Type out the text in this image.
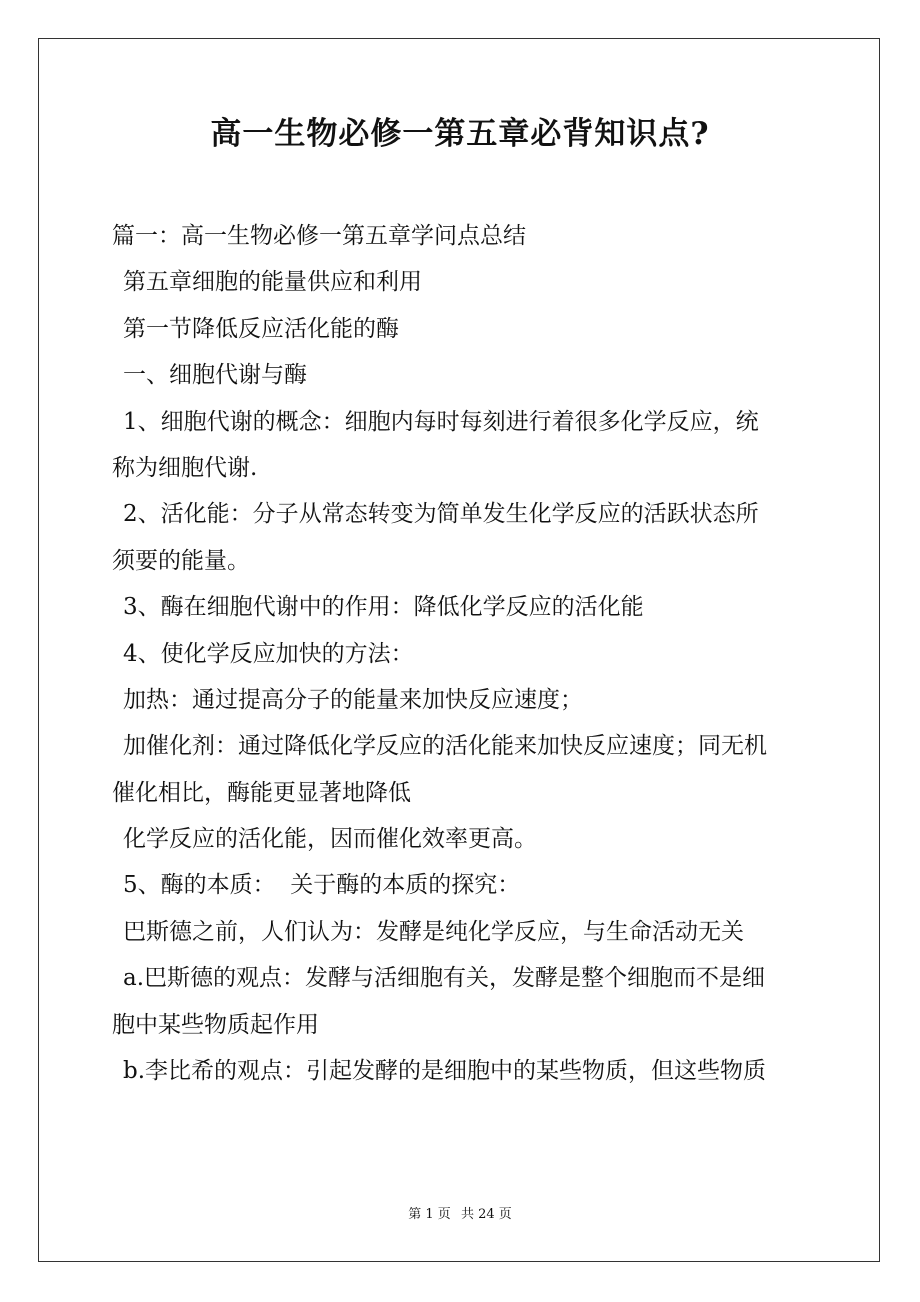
高一生物必修一第五章必背知识点?
篇一：高一生物必修一第五章学问点总结
第五章细胞的能量供应和利用
第一节降低反应活化能的酶
一、细胞代谢与酶
1、细胞代谢的概念：细胞内每时每刻进行着很多化学反应，统
称为细胞代谢.
2、活化能：分子从常态转变为简单发生化学反应的活跃状态所
须要的能量。
3、酶在细胞代谢中的作用：降低化学反应的活化能
4、使化学反应加快的方法：
加热：通过提高分子的能量来加快反应速度；
加催化剂：通过降低化学反应的活化能来加快反应速度；同无机
催化相比，酶能更显著地降低
化学反应的活化能，因而催化效率更高。
5、酶的本质：  关于酶的本质的探究：
巴斯德之前，人们认为：发酵是纯化学反应，与生命活动无关
a.巴斯德的观点：发酵与活细胞有关，发酵是整个细胞而不是细
胞中某些物质起作用
b.李比希的观点：引起发酵的是细胞中的某些物质，但这些物质
第 1 页 共 24 页
